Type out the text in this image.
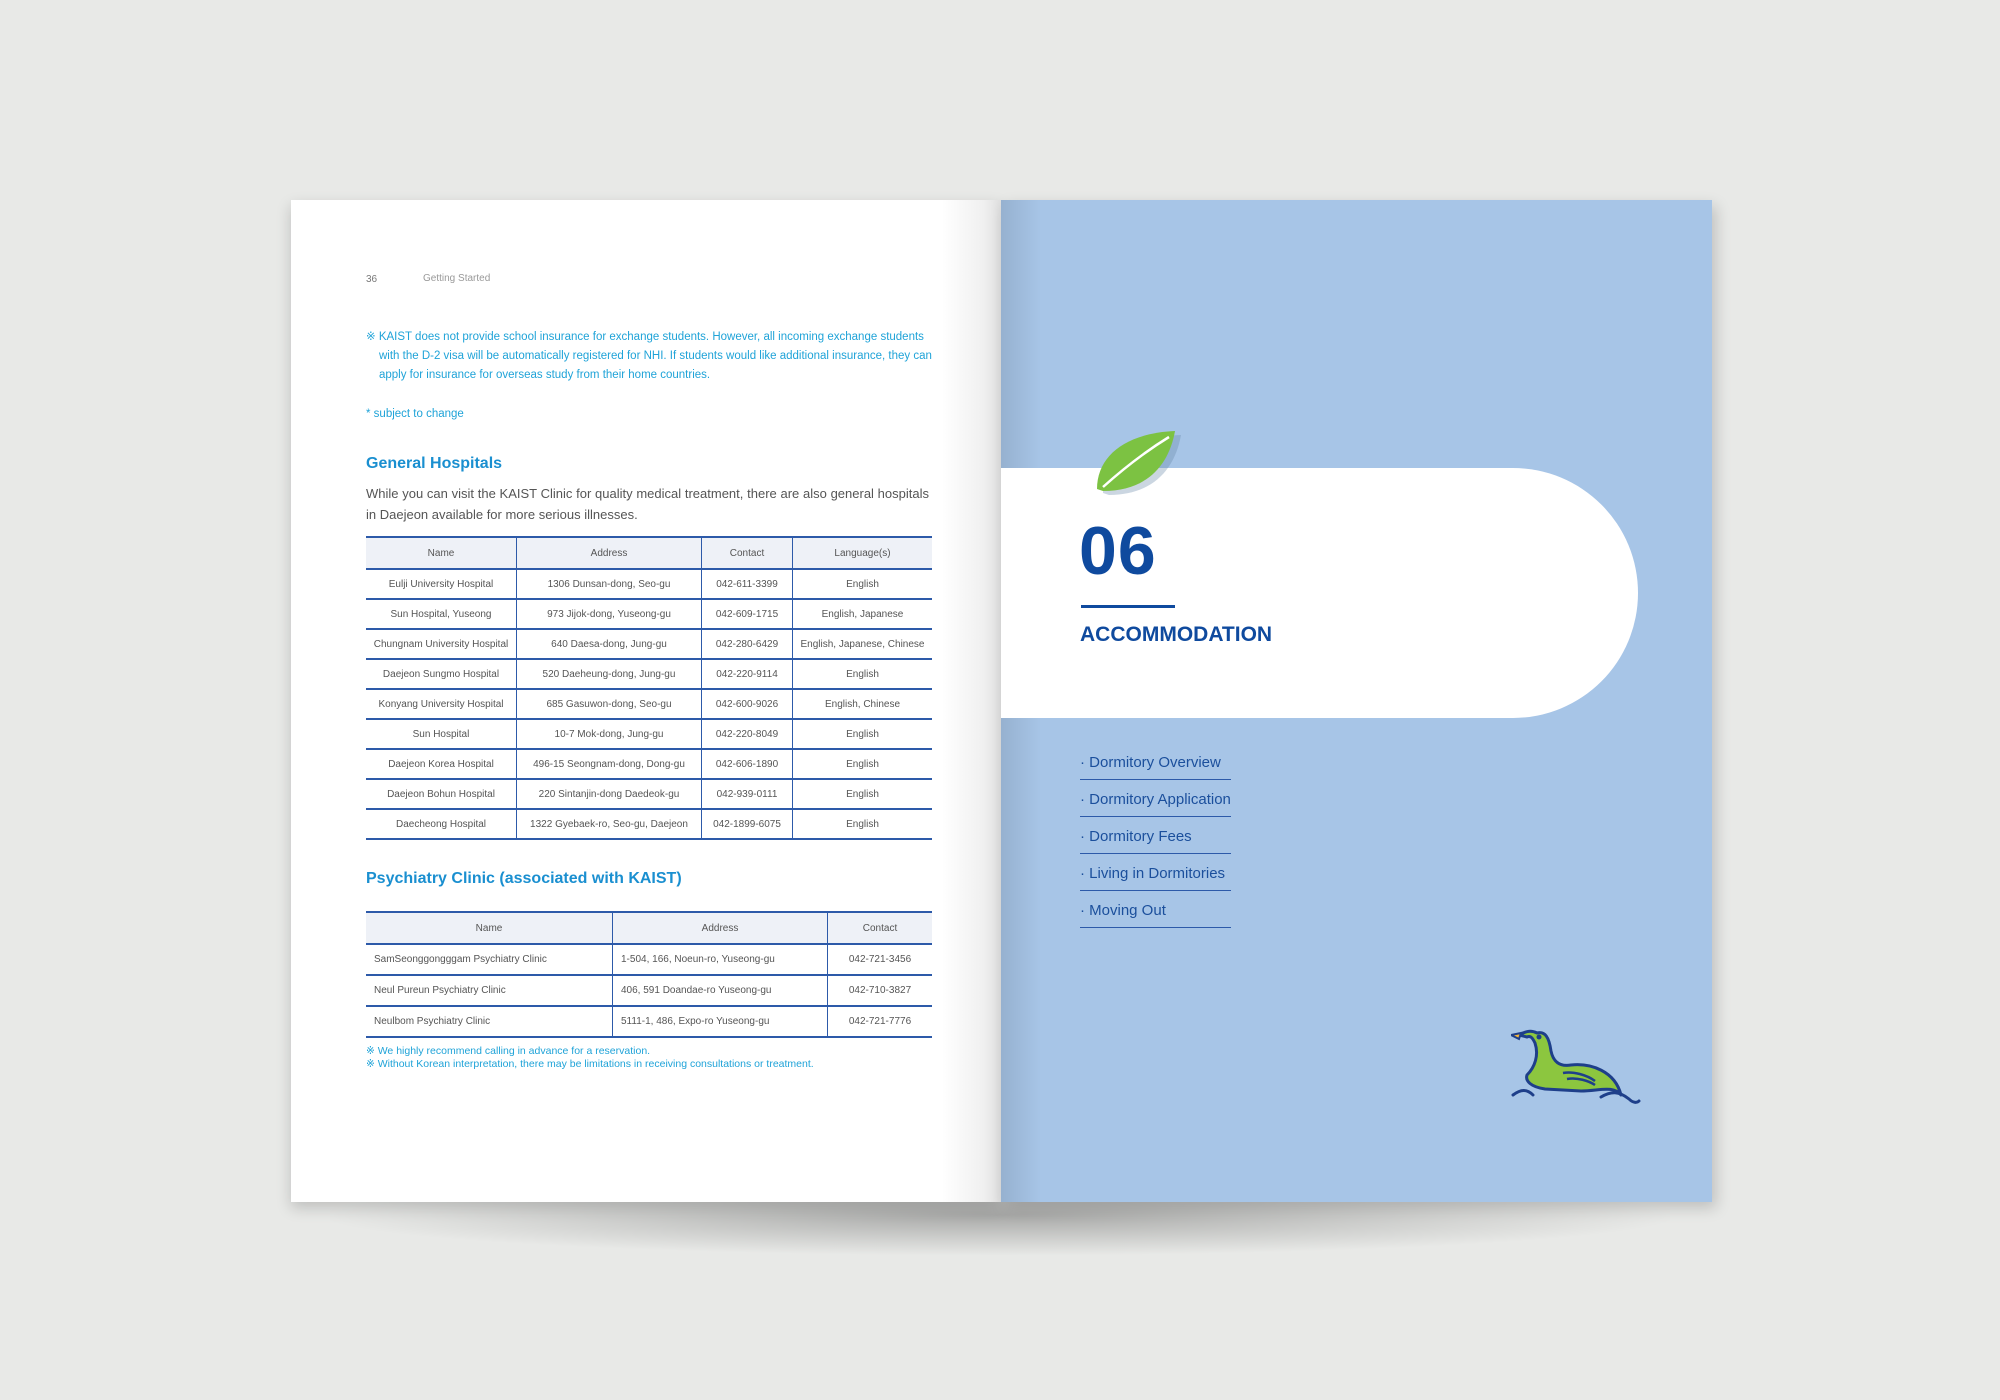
36	Getting Started
※ KAIST does not provide school insurance for exchange students. However, all incoming exchange students with the D-2 visa will be automatically registered for NHI. If students would like additional insurance, they can apply for insurance for overseas study from their home countries.
* subject to change
General Hospitals
While you can visit the KAIST Clinic for quality medical treatment, there are also general hospitals in Daejeon available for more serious illnesses.
Name	Address	Contact	Language(s)
Eulji University Hospital	1306 Dunsan-dong, Seo-gu	042-611-3399	English
Sun Hospital, Yuseong	973 Jijok-dong, Yuseong-gu	042-609-1715	English, Japanese
Chungnam University Hospital	640 Daesa-dong, Jung-gu	042-280-6429	English, Japanese, Chinese
Daejeon Sungmo Hospital	520 Daeheung-dong, Jung-gu	042-220-9114	English
Konyang University Hospital	685 Gasuwon-dong, Seo-gu	042-600-9026	English, Chinese
Sun Hospital	10-7 Mok-dong, Jung-gu	042-220-8049	English
Daejeon Korea Hospital	496-15 Seongnam-dong, Dong-gu	042-606-1890	English
Daejeon Bohun Hospital	220 Sintanjin-dong Daedeok-gu	042-939-0111	English
Daecheong Hospital	1322 Gyebaek-ro, Seo-gu, Daejeon	042-1899-6075	English
Psychiatry Clinic (associated with KAIST)
Name	Address	Contact
SamSeonggongggam Psychiatry Clinic	1-504, 166, Noeun-ro, Yuseong-gu	042-721-3456
Neul Pureun Psychiatry Clinic	406, 591 Doandae-ro Yuseong-gu	042-710-3827
Neulbom Psychiatry Clinic	5111-1, 486, Expo-ro Yuseong-gu	042-721-7776
※ We highly recommend calling in advance for a reservation.
※ Without Korean interpretation, there may be limitations in receiving consultations or treatment.
06
ACCOMMODATION
· Dormitory Overview
· Dormitory Application
· Dormitory Fees
· Living in Dormitories
· Moving Out
